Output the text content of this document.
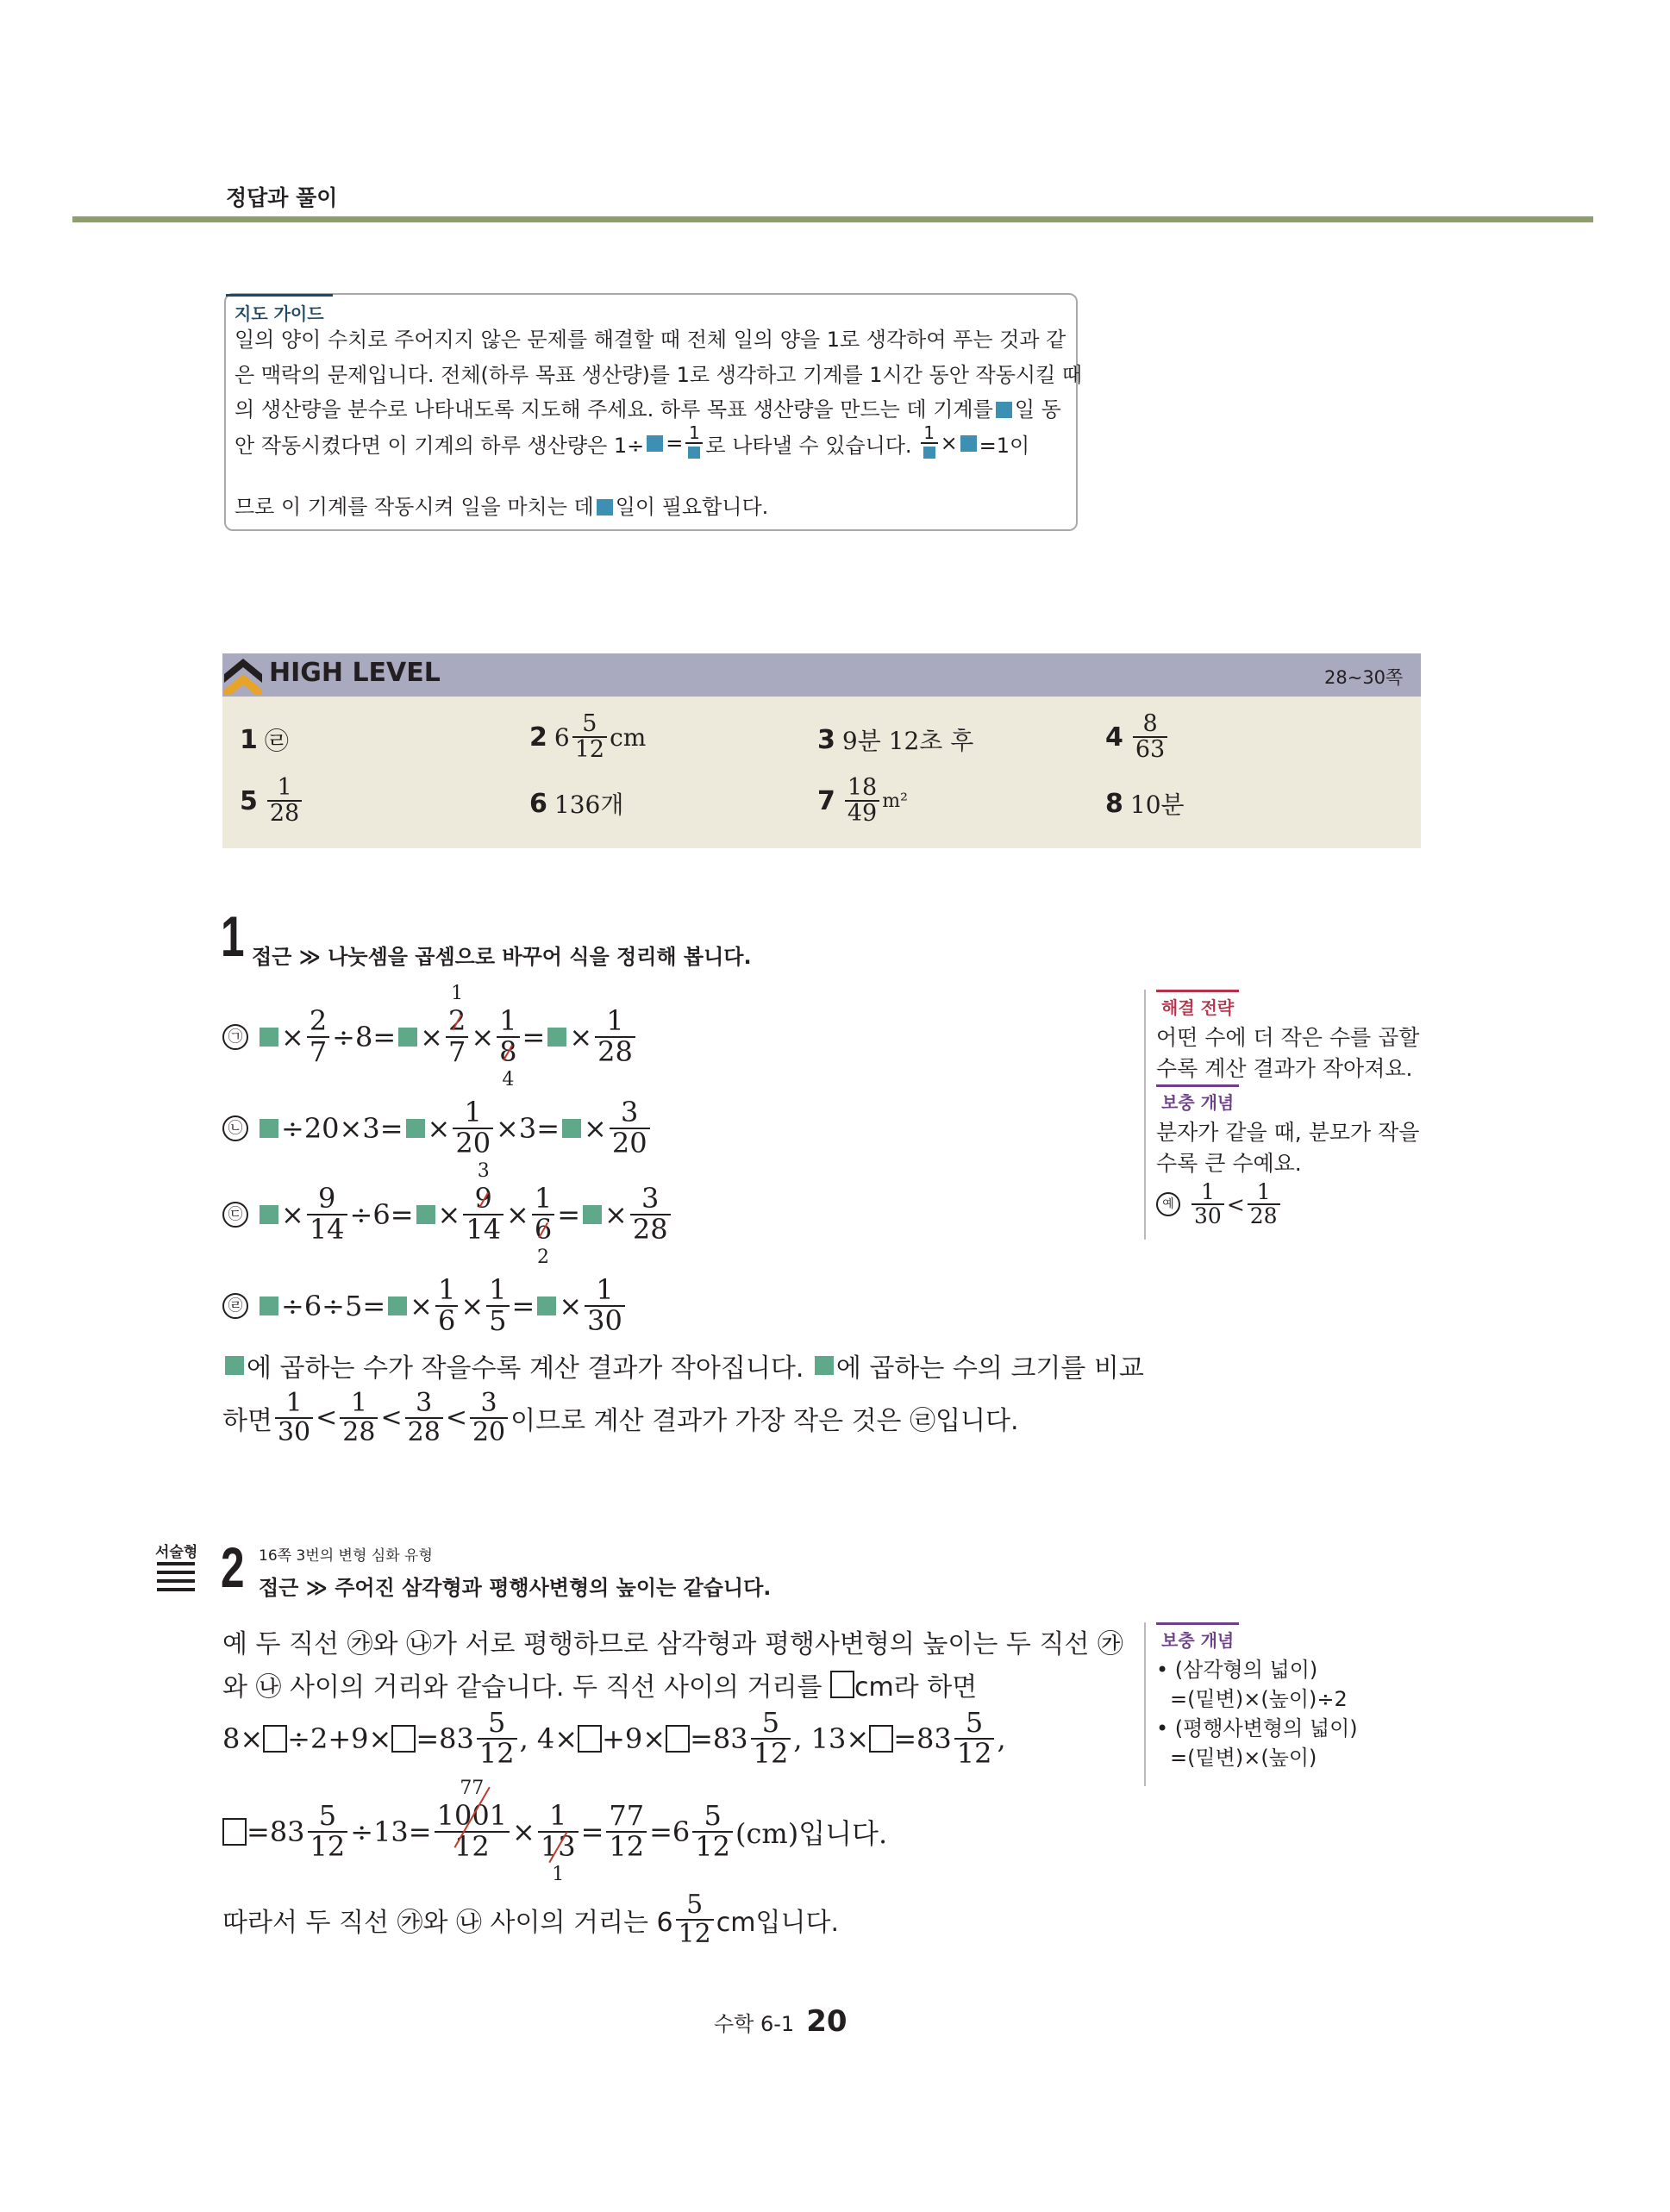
정답과 풀이
지도 가이드
일의 양이 수치로 주어지지 않은 문제를 해결할 때 전체 일의 양을 1로 생각하여 푸는 것과 같
은 맥락의 문제입니다. 전체(하루 목표 생산량)를 1로 생각하고 기계를 1시간 동안 작동시킬 때
의 생산량을 분수로 나타내도록 지도해 주세요. 하루 목표 생산량을 만드는 데 기계를 일 동
안 작동시켰다면 이 기계의 하루 생산량은 1÷ = 1
로 나타낼 수 있습니다.
1 × =1이
므로 이 기계를 작동시켜 일을 마치는 데 일이 필요합니다.
HIGH LEVEL	28∼30쪽
1 ㉣	2 $6 \frac{5}{12}$ cm	3 9분 12초 후	$4 \frac{8}{63}$
$5 \frac{1}{28}$	6 136개	$7 \frac{18}{49} m^2$	8 10분
1 접근 ≫ 나눗셈을 곱셈으로 바꾸어 식을 정리해 봅니다.
㉠ × $\frac{2}{7} \div 8=$ ×
1
2
7 × 1
8
4
= × $\frac{1}{28}$
㉡ $\div 20\times 3= \times \frac{1}{20} \times 3= \times \frac{3}{20}$
㉢ × $\frac{9}{14} \div 6=$ ×
3
9
14 × 1
6
2
= × $\frac{3}{28}$
㉣ $\div 6\div 5= \times \frac{1}{6} \times \frac{1}{5}$ = × $\frac{1}{30}$
에 곱하는 수가 작을수록 계산 결과가 작아집니다.
에 곱하는 수의 크기를 비교
하면 $\frac{1}{30} < \frac{1}{28} < \frac{3}{28} < \frac{3}{20}$ 이므로 계산 결과가 가장 작은 것은 ㉣입니다.
해결 전략

어떤 수에 더 작은 수를 곱할수록 계산 결과가 작아져요.

보충 개념

분자가 같을 때, 분모가 작을수록 큰 수예요.

예 $\frac{1}{30} < \frac{1}{28}$
서술형 2 16쪽 3번의 변형 심화 유형
접근 ≫ 주어진 삼각형과 평행사변형의 높이는 같습니다.
예 두 직선 ㉮와 ㉯가 서로 평행하므로 삼각형과 평행사변형의 높이는 두 직선 ㉮
와 ㉯ 사이의 거리와 같습니다. 두 직선 사이의 거리를
cm라 하면
$8\times \div 2+9\times =83 \frac{5}{12}$ , $4\times +9\times =83 \frac{5}{12}$ , $13\times =83 \frac{5}{12}$ ,
$=83 \frac{5}{12} \div 13=$
77
1001
12 × 1
13
1
= $\frac{77}{12} =6 \frac{5}{12} (cm)$입니다.
따라서 두 직선 ㉮와 ㉯ 사이의 거리는 $6 \frac{5}{12}$ cm입니다.
보충 개념

• (삼각형의 넓이)

=(밑변)×(높이)÷2

• (평행사변형의 넓이)

=(밑변)×(높이)

수학 6-1 20
